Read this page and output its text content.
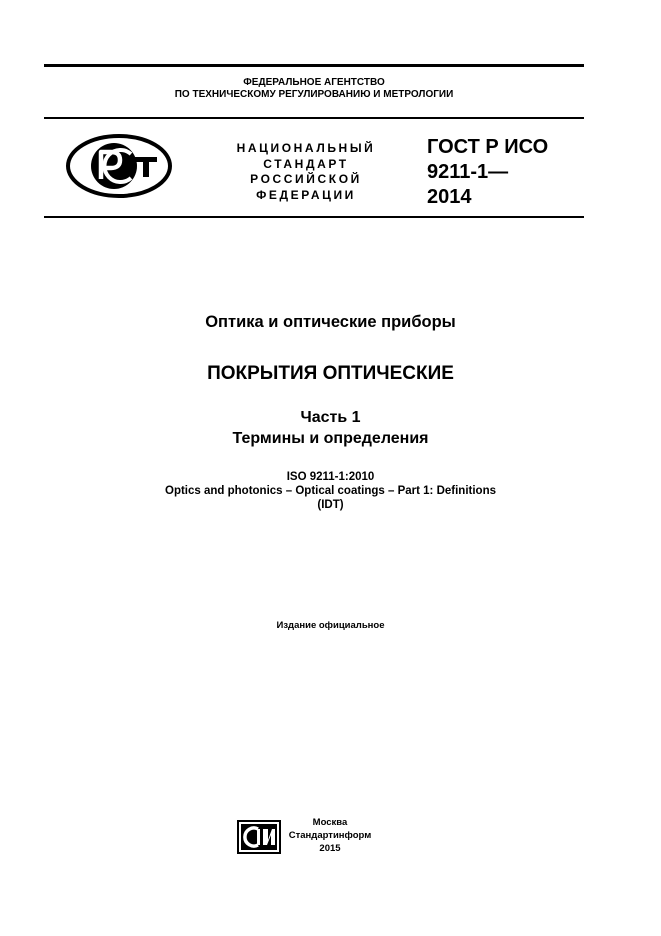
ФЕДЕРАЛЬНОЕ АГЕНТСТВО
ПО ТЕХНИЧЕСКОМУ РЕГУЛИРОВАНИЮ И МЕТРОЛОГИИ
НАЦИОНАЛЬНЫЙ
СТАНДАРТ
РОССИЙСКОЙ
ФЕДЕРАЦИИ
ГОСТ Р ИСО
9211-1—
2014
Оптика и оптические приборы
ПОКРЫТИЯ ОПТИЧЕСКИЕ
Часть 1
Термины и определения
ISO 9211-1:2010
Optics and photonics – Optical coatings – Part 1: Definitions
(IDT)
Издание официальное
Москва
Стандартинформ
2015
